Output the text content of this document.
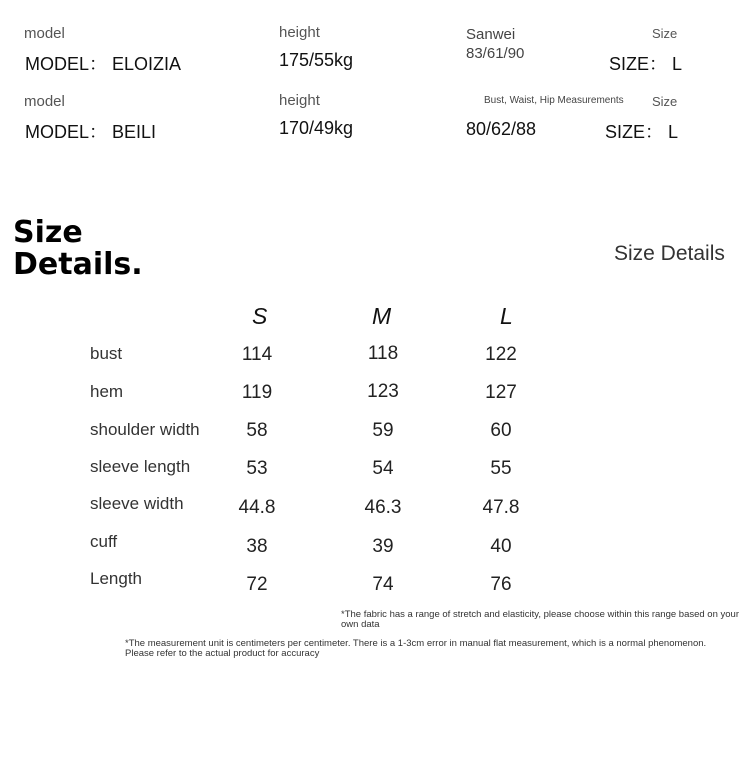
model
MODEL： ELOIZIA
height
175/55kg
Sanwei
83/61/90
Size
SIZE： L
model
MODEL： BEILI
height
170/49kg
Bust, Waist, Hip Measurements
80/62/88
Size
SIZE： L
Size
Details.	Size Details
S	M	L
bust	114	118	122
hem	119	123	127
shoulder width	58	59	60
sleeve length	53	54	55
sleeve width	44.8	46.3	47.8
cuff	38	39	40
Length	72	74	76
*The fabric has a range of stretch and elasticity, please choose within this range based on your own data
*The measurement unit is centimeters per centimeter. There is a 1-3cm error in manual flat measurement, which is a normal phenomenon. Please refer to the actual product for accuracy
